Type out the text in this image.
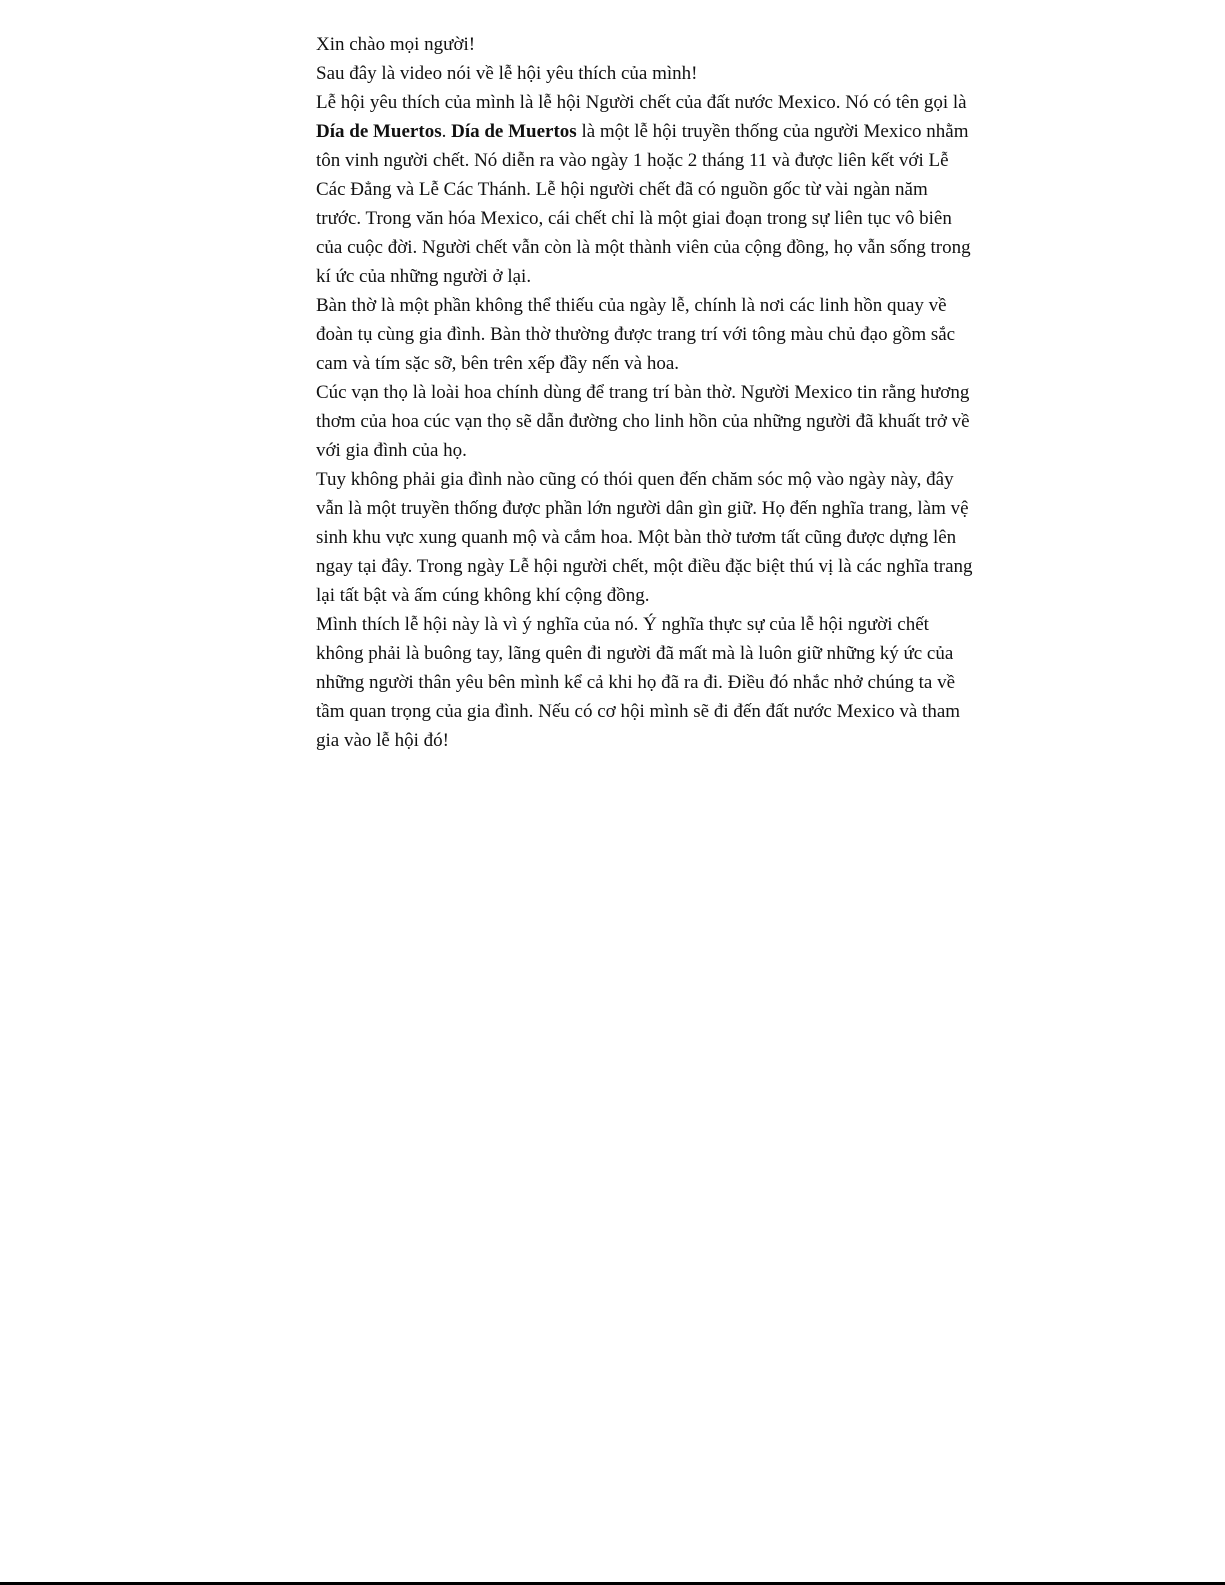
Xin chào mọi người!

Sau đây là video nói về lễ hội yêu thích của mình!

Lễ hội yêu thích của mình là lễ hội Người chết của đất nước Mexico. Nó có tên gọi là Día de Muertos. Día de Muertos là một lễ hội truyền thống của người Mexico nhằm tôn vinh người chết. Nó diễn ra vào ngày 1 hoặc 2 tháng 11 và được liên kết với Lễ Các Đẳng và Lễ Các Thánh. Lễ hội người chết đã có nguồn gốc từ vài ngàn năm trước. Trong văn hóa Mexico, cái chết chỉ là một giai đoạn trong sự liên tục vô biên của cuộc đời. Người chết vẫn còn là một thành viên của cộng đồng, họ vẫn sống trong kí ức của những người ở lại.

Bàn thờ là một phần không thể thiếu của ngày lễ, chính là nơi các linh hồn quay về đoàn tụ cùng gia đình. Bàn thờ thường được trang trí với tông màu chủ đạo gồm sắc cam và tím sặc sỡ, bên trên xếp đầy nến và hoa.

Cúc vạn thọ là loài hoa chính dùng để trang trí bàn thờ. Người Mexico tin rằng hương thơm của hoa cúc vạn thọ sẽ dẫn đường cho linh hồn của những người đã khuất trở về với gia đình của họ.

Tuy không phải gia đình nào cũng có thói quen đến chăm sóc mộ vào ngày này, đây vẫn là một truyền thống được phần lớn người dân gìn giữ. Họ đến nghĩa trang, làm vệ sinh khu vực xung quanh mộ và cắm hoa. Một bàn thờ tươm tất cũng được dựng lên ngay tại đây. Trong ngày Lễ hội người chết, một điều đặc biệt thú vị là các nghĩa trang lại tất bật và ấm cúng không khí cộng đồng.

Mình thích lễ hội này là vì ý nghĩa của nó. Ý nghĩa thực sự của lễ hội người chết không phải là buông tay, lãng quên đi người đã mất mà là luôn giữ những ký ức của những người thân yêu bên mình kể cả khi họ đã ra đi. Điều đó nhắc nhở chúng ta về tầm quan trọng của gia đình. Nếu có cơ hội mình sẽ đi đến đất nước Mexico và tham gia vào lễ hội đó!
